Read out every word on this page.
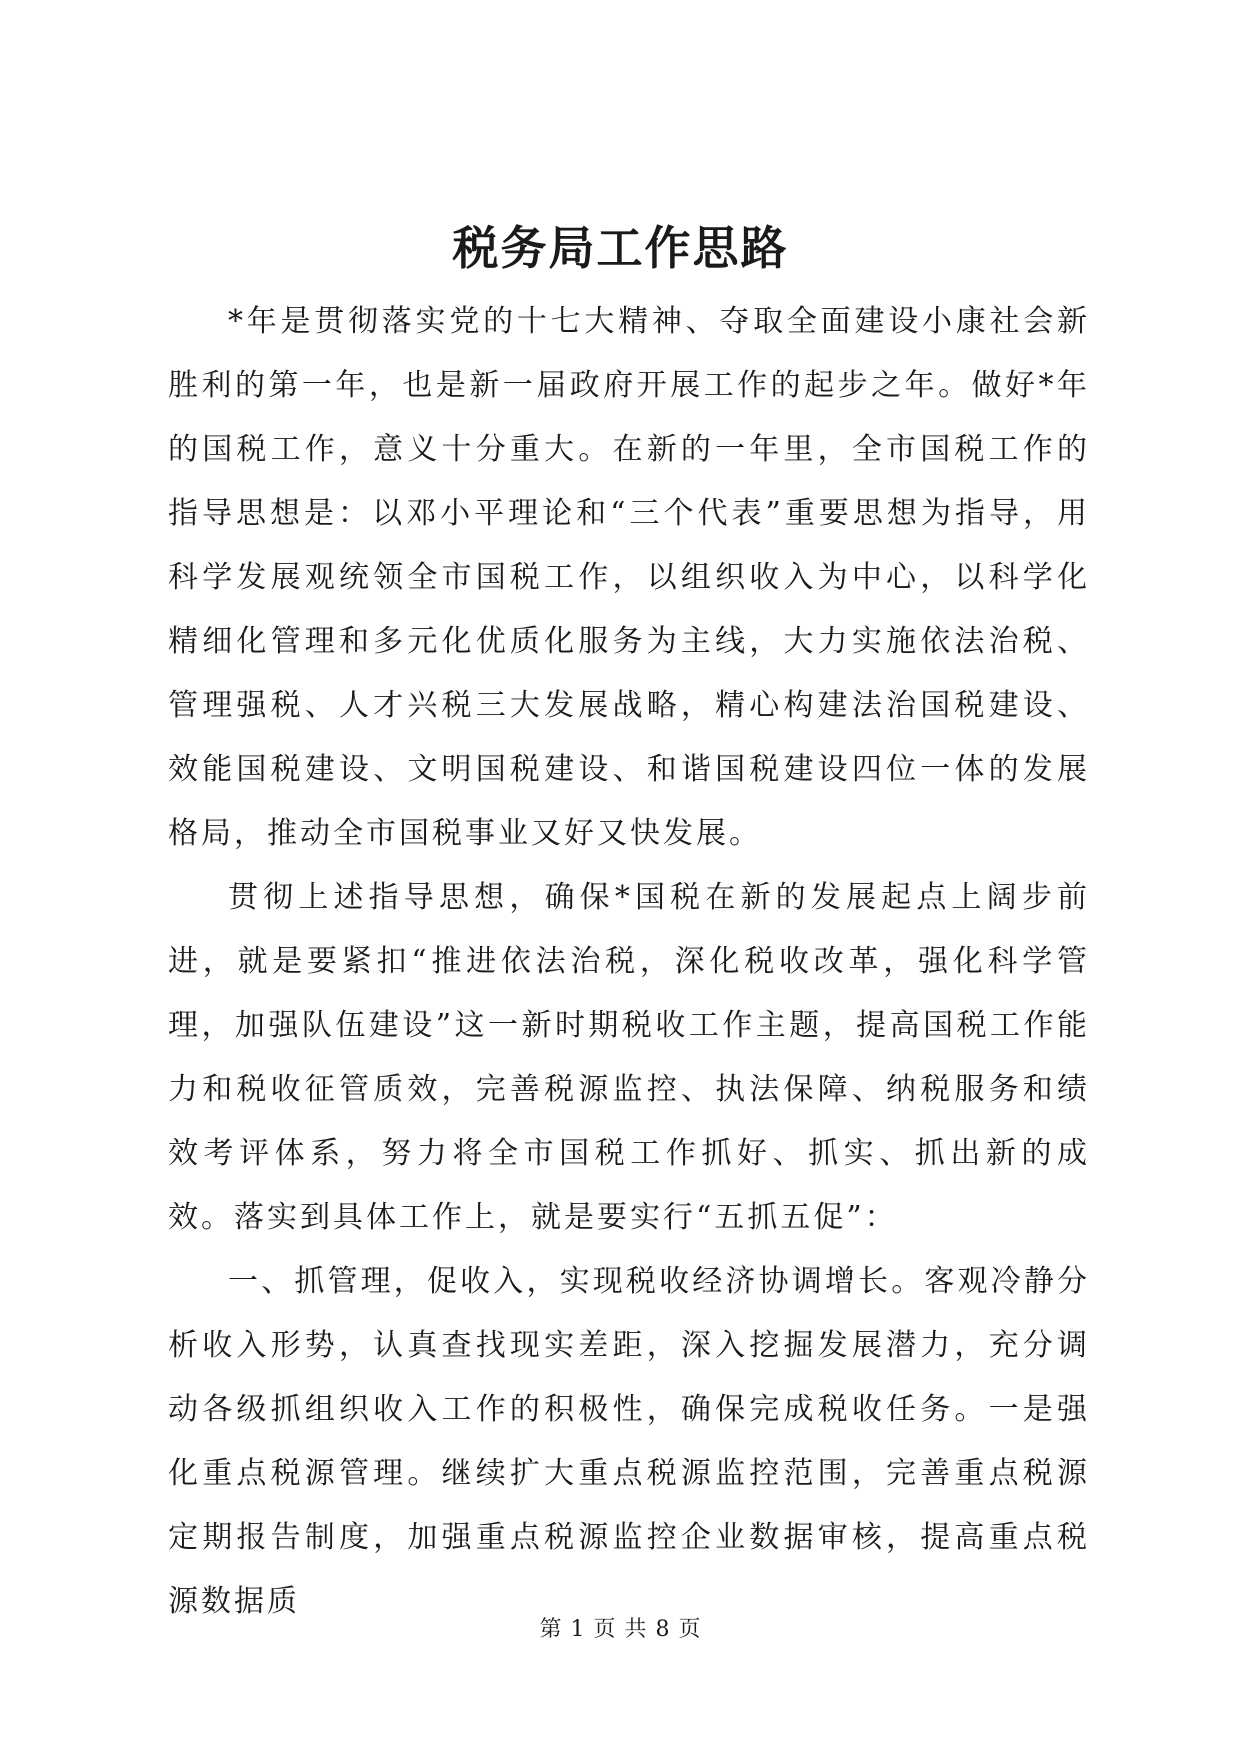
税务局工作思路

*年是贯彻落实党的十七大精神、夺取全面建设小康社会新胜利的第一年，也是新一届政府开展工作的起步之年。做好*年的国税工作，意义十分重大。在新的一年里，全市国税工作的指导思想是：以邓小平理论和“三个代表”重要思想为指导，用科学发展观统领全市国税工作，以组织收入为中心，以科学化精细化管理和多元化优质化服务为主线，大力实施依法治税、管理强税、人才兴税三大发展战略，精心构建法治国税建设、效能国税建设、文明国税建设、和谐国税建设四位一体的发展格局，推动全市国税事业又好又快发展。

贯彻上述指导思想，确保*国税在新的发展起点上阔步前进，就是要紧扣“推进依法治税，深化税收改革，强化科学管理，加强队伍建设”这一新时期税收工作主题，提高国税工作能力和税收征管质效，完善税源监控、执法保障、纳税服务和绩效考评体系，努力将全市国税工作抓好、抓实、抓出新的成效。落实到具体工作上，就是要实行“五抓五促”：

一、抓管理，促收入，实现税收经济协调增长。客观冷静分析收入形势，认真查找现实差距，深入挖掘发展潜力，充分调动各级抓组织收入工作的积极性，确保完成税收任务。一是强化重点税源管理。继续扩大重点税源监控范围，完善重点税源定期报告制度，加强重点税源监控企业数据审核，提高重点税源数据质

第 1 页 共 8 页
